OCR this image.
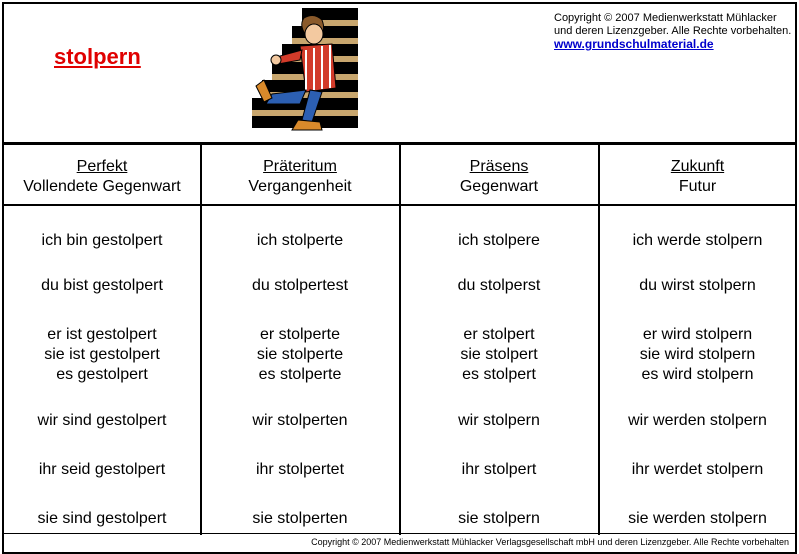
stolpern
Copyright © 2007 Medienwerkstatt Mühlacker
und deren Lizenzgeber. Alle Rechte vorbehalten.
www.grundschulmaterial.de
Perfekt
Vollendete Gegenwart
ich bin gestolpert
du bist gestolpert
er ist gestolpert
sie ist gestolpert
es gestolpert
wir sind gestolpert
ihr seid gestolpert
sie sind gestolpert
Präteritum
Vergangenheit
ich stolperte
du stolpertest
er stolperte
sie stolperte
es stolperte
wir stolperten
ihr stolpertet
sie stolperten
Präsens
Gegenwart
ich stolpere
du stolperst
er stolpert
sie stolpert
es stolpert
wir stolpern
ihr stolpert
sie stolpern
Zukunft
Futur
ich werde stolpern
du wirst stolpern
er wird stolpern
sie wird stolpern
es wird stolpern
wir werden stolpern
ihr werdet stolpern
sie werden stolpern
Copyright © 2007 Medienwerkstatt Mühlacker Verlagsgesellschaft mbH und deren Lizenzgeber. Alle Rechte vorbehalten
